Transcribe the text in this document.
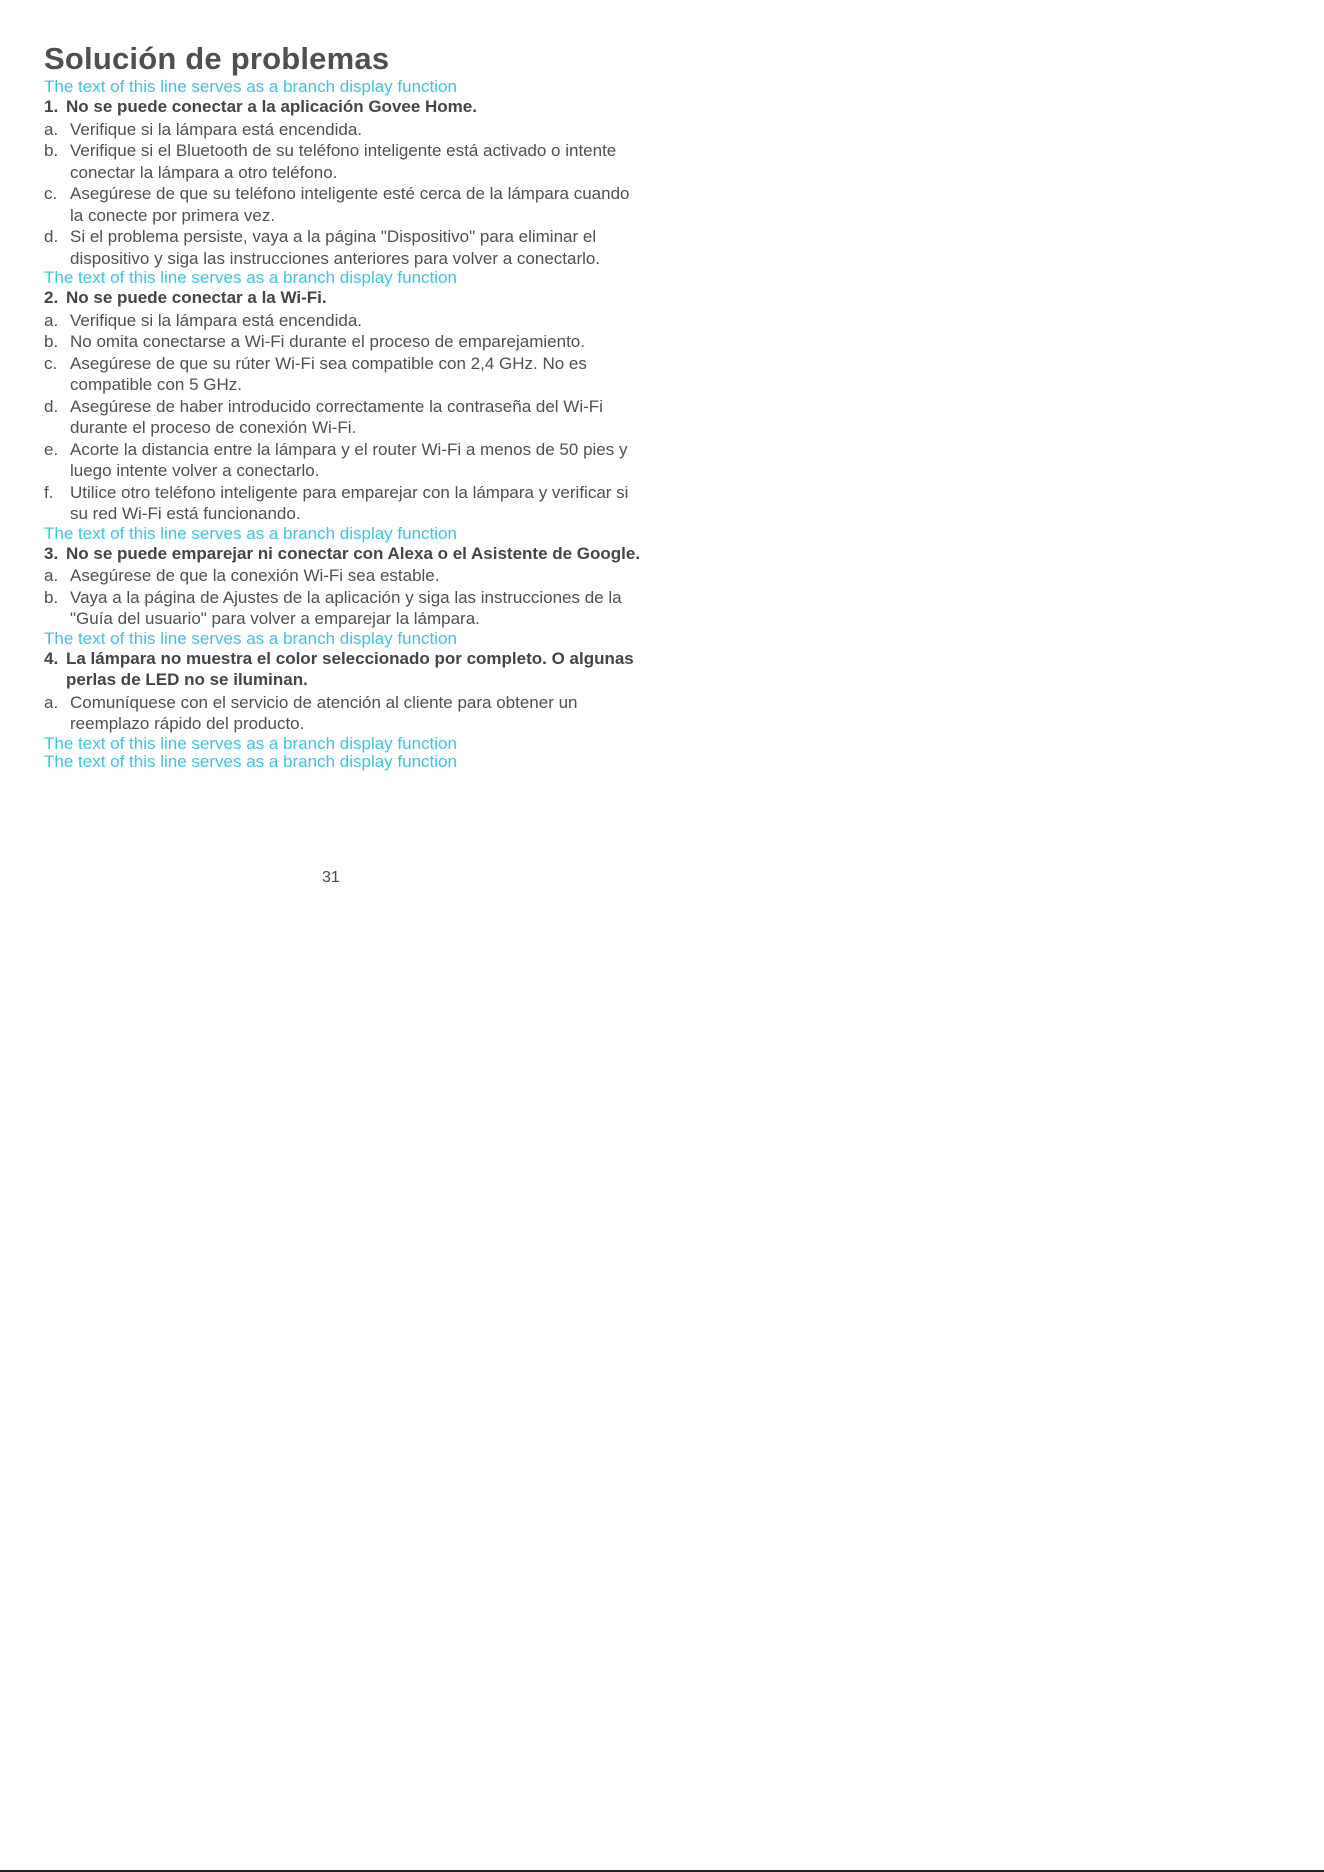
Solución de problemas
The text of this line serves as a branch display function
1. No se puede conectar a la aplicación Govee Home.
a. Verifique si la lámpara está encendida.
b. Verifique si el Bluetooth de su teléfono inteligente está activado o intente conectar la lámpara a otro teléfono.
c. Asegúrese de que su teléfono inteligente esté cerca de la lámpara cuando la conecte por primera vez.
d. Si el problema persiste, vaya a la página "Dispositivo" para eliminar el dispositivo y siga las instrucciones anteriores para volver a conectarlo.
The text of this line serves as a branch display function
2. No se puede conectar a la Wi-Fi.
a. Verifique si la lámpara está encendida.
b. No omita conectarse a Wi-Fi durante el proceso de emparejamiento.
c. Asegúrese de que su rúter Wi-Fi sea compatible con 2,4 GHz. No es compatible con 5 GHz.
d. Asegúrese de haber introducido correctamente la contraseña del Wi-Fi durante el proceso de conexión Wi-Fi.
e. Acorte la distancia entre la lámpara y el router Wi-Fi a menos de 50 pies y luego intente volver a conectarlo.
f. Utilice otro teléfono inteligente para emparejar con la lámpara y verificar si su red Wi-Fi está funcionando.
The text of this line serves as a branch display function
3. No se puede emparejar ni conectar con Alexa o el Asistente de Google.
a. Asegúrese de que la conexión Wi-Fi sea estable.
b. Vaya a la página de Ajustes de la aplicación y siga las instrucciones de la "Guía del usuario" para volver a emparejar la lámpara.
The text of this line serves as a branch display function
4. La lámpara no muestra el color seleccionado por completo. O algunas perlas de LED no se iluminan.
a. Comuníquese con el servicio de atención al cliente para obtener un reemplazo rápido del producto.
The text of this line serves as a branch display function
The text of this line serves as a branch display function
31
